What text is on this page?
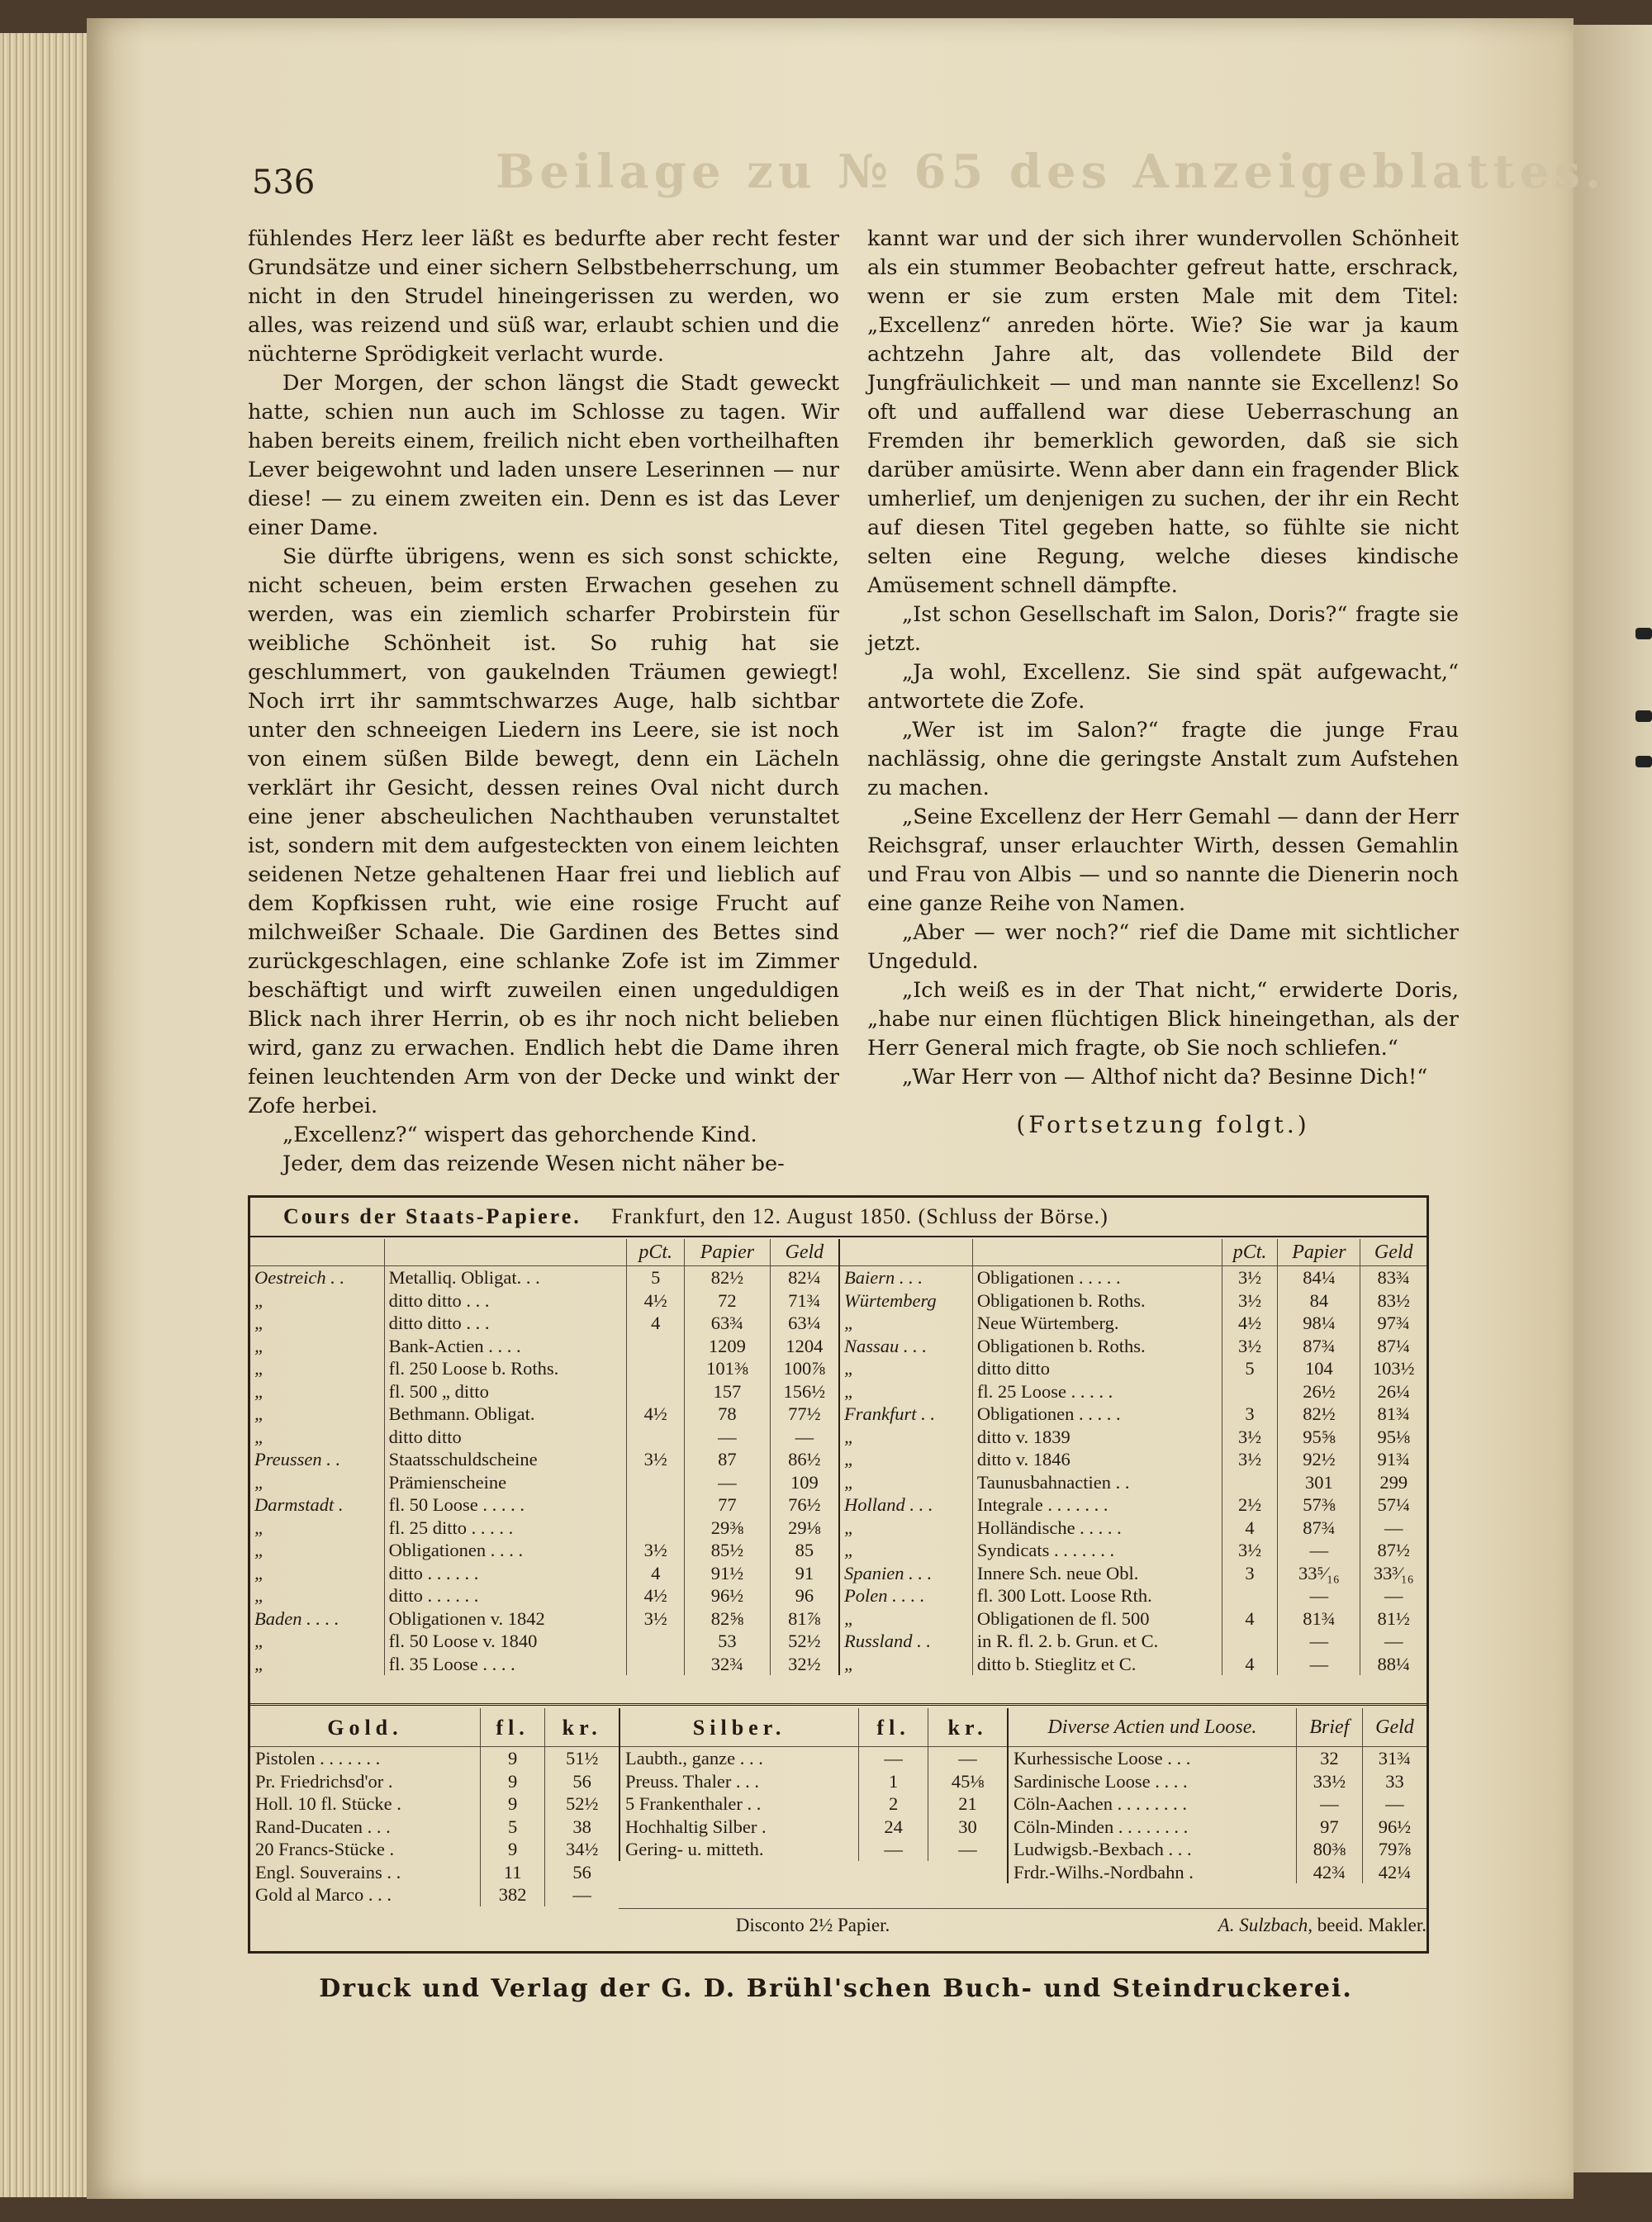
536	Beilage zu № 65 des Anzeigeblattes.

fühlendes Herz leer läßt es bedurfte aber recht fester Grundsätze und einer sichern Selbstbeherrschung, um nicht in den Strudel hineingerissen zu werden, wo alles, was reizend und süß war, erlaubt schien und die nüchterne Sprödigkeit verlacht wurde.

Der Morgen, der schon längst die Stadt geweckt hatte, schien nun auch im Schlosse zu tagen. Wir haben bereits einem, freilich nicht eben vortheilhaften Lever beigewohnt und laden unsere Leserinnen — nur diese! — zu einem zweiten ein. Denn es ist das Lever einer Dame.

Sie dürfte übrigens, wenn es sich sonst schickte, nicht scheuen, beim ersten Erwachen gesehen zu werden, was ein ziemlich scharfer Probirstein für weibliche Schönheit ist. So ruhig hat sie geschlummert, von gaukelnden Träumen gewiegt! Noch irrt ihr sammtschwarzes Auge, halb sichtbar unter den schneeigen Liedern ins Leere, sie ist noch von einem süßen Bilde bewegt, denn ein Lächeln verklärt ihr Gesicht, dessen reines Oval nicht durch eine jener abscheulichen Nachthauben verunstaltet ist, sondern mit dem aufgesteckten von einem leichten seidenen Netze gehaltenen Haar frei und lieblich auf dem Kopfkissen ruht, wie eine rosige Frucht auf milchweißer Schaale. Die Gardinen des Bettes sind zurückgeschlagen, eine schlanke Zofe ist im Zimmer beschäftigt und wirft zuweilen einen ungeduldigen Blick nach ihrer Herrin, ob es ihr noch nicht belieben wird, ganz zu erwachen. Endlich hebt die Dame ihren feinen leuchtenden Arm von der Decke und winkt der Zofe herbei.

„Excellenz?“ wispert das gehorchende Kind.

Jeder, dem das reizende Wesen nicht näher be-

kannt war und der sich ihrer wundervollen Schönheit als ein stummer Beobachter gefreut hatte, erschrack, wenn er sie zum ersten Male mit dem Titel: „Excellenz“ anreden hörte. Wie? Sie war ja kaum achtzehn Jahre alt, das vollendete Bild der Jungfräulichkeit — und man nannte sie Excellenz! So oft und auffallend war diese Ueberraschung an Fremden ihr bemerklich geworden, daß sie sich darüber amüsirte. Wenn aber dann ein fragender Blick umherlief, um denjenigen zu suchen, der ihr ein Recht auf diesen Titel gegeben hatte, so fühlte sie nicht selten eine Regung, welche dieses kindische Amüsement schnell dämpfte.

„Ist schon Gesellschaft im Salon, Doris?“ fragte sie jetzt.

„Ja wohl, Excellenz. Sie sind spät aufgewacht,“ antwortete die Zofe.

„Wer ist im Salon?“ fragte die junge Frau nachlässig, ohne die geringste Anstalt zum Aufstehen zu machen.

„Seine Excellenz der Herr Gemahl — dann der Herr Reichsgraf, unser erlauchter Wirth, dessen Gemahlin und Frau von Albis — und so nannte die Dienerin noch eine ganze Reihe von Namen.

„Aber — wer noch?“ rief die Dame mit sichtlicher Ungeduld.

„Ich weiß es in der That nicht,“ erwiderte Doris, „habe nur einen flüchtigen Blick hineingethan, als der Herr General mich fragte, ob Sie noch schliefen.“

„War Herr von — Althof nicht da? Besinne Dich!“

(Fortsetzung folgt.)

Cours der Staats-Papiere. Frankfurt, den 12. August 1850. (Schluss der Börse.)
		pCt.	Papier	Geld
Oestreich . .	Metalliq. Obligat. . .	5	82½	82¼
„	ditto ditto . . .	4½	72	71¾
„	ditto ditto . . .	4	63¾	63¼
„	Bank-Actien . . . .		1209	1204
„	fl. 250 Loose b. Roths.		101⅜	100⅞
„	fl. 500 „ ditto		157	156½
„	Bethmann. Obligat.	4½	78	77½
„	ditto ditto		—	—
Preussen . .	Staatsschuldscheine	3½	87	86½
„	Prämienscheine		—	109
Darmstadt .	fl. 50 Loose . . . . .		77	76½
„	fl. 25 ditto . . . . .		29⅜	29⅛
„	Obligationen . . . .	3½	85½	85
„	ditto . . . . . .	4	91½	91
„	ditto . . . . . .	4½	96½	96
Baden . . . .	Obligationen v. 1842	3½	82⅝	81⅞
„	fl. 50 Loose v. 1840		53	52½
„	fl. 35 Loose . . . .		32¾	32½
		pCt.	Papier	Geld
Baiern . . .	Obligationen . . . . .	3½	84¼	83¾
Würtemberg	Obligationen b. Roths.	3½	84	83½
„	Neue Würtemberg.	4½	98¼	97¾
Nassau . . .	Obligationen b. Roths.	3½	87¾	87¼
„	ditto ditto	5	104	103½
„	fl. 25 Loose . . . . .		26½	26¼
Frankfurt . .	Obligationen . . . . .	3	82½	81¾
„	ditto v. 1839	3½	95⅝	95⅛
„	ditto v. 1846	3½	92½	91¾
„	Taunusbahnactien . .		301	299
Holland . . .	Integrale . . . . . . .	2½	57⅜	57¼
„	Holländische . . . . .	4	87¾	—
„	Syndicats . . . . . . .	3½	—	87½
Spanien . . .	Innere Sch. neue Obl.	3	33⁵⁄₁₆	33³⁄₁₆
Polen . . . .	fl. 300 Lott. Loose Rth.		—	—
„	Obligationen de fl. 500	4	81¾	81½
Russland . .	in R. fl. 2. b. Grun. et C.		—	—
„	ditto b. Stieglitz et C.	4	—	88¼
Gold.	fl.	kr.
Pistolen . . . . . . .	9	51½
Pr. Friedrichsd'or .	9	56
Holl. 10 fl. Stücke .	9	52½
Rand-Ducaten . . .	5	38
20 Francs-Stücke .	9	34½
Engl. Souverains . .	11	56
Gold al Marco . . .	382	—
Silber.	fl.	kr.
Laubth., ganze . . .	—	—
Preuss. Thaler . . .	1	45⅛
5 Frankenthaler . .	2	21
Hochhaltig Silber .	24	30
Gering- u. mitteth.	—	—
Diverse Actien und Loose.	Brief	Geld
Kurhessische Loose . . .	32	31¾
Sardinische Loose . . . .	33½	33
Cöln-Aachen . . . . . . . .	—	—
Cöln-Minden . . . . . . . .	97	96½
Ludwigsb.-Bexbach . . .	80⅜	79⅞
Frdr.-Wilhs.-Nordbahn .	42¾	42¼
Disconto 2½ Papier.	A. Sulzbach, beeid. Makler.
Druck und Verlag der G. D. Brühl'schen Buch- und Steindruckerei.
